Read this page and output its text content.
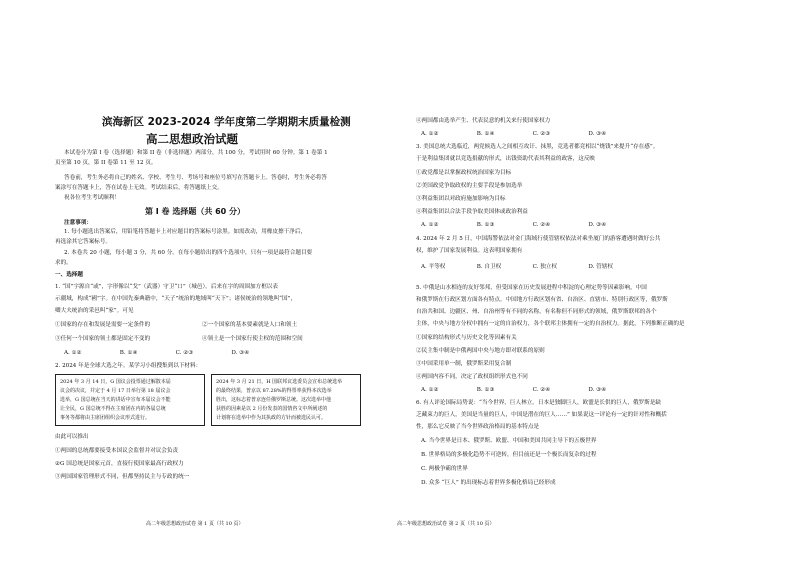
滨海新区 2023-2024 学年度第二学期期末质量检测
高二思想政治试题
本试卷分为第 I 卷（选择题）和第 II 卷（非选择题）两部分，共 100 分，考试用时 60 分钟。第 1 卷第 1
页至第 10 页，第 II 卷第 11 至 12 页。
答卷前，考生务必将自己的姓名、学校、考生号、考场号和座位号填写在答题卡上。答卷时，考生务必将答
案涂写在答题卡上，答在试卷上无效。考试结束后，将答题纸上交。
祝各位考生考试顺利！
第 I 卷 选择题（共 60 分）
注意事项：
1. 每小题选出答案后，用铅笔将答题卡上对应题目的答案标号涂黑。如需改动，用橡皮擦干净后，
再选涂其它答案标号。
2. 本卷共 20 小题，每小题 3 分，共 60 分。在每小题给出的四个选项中，只有一项是最符合题目要
求的。
一、选择题
1. “国”字源自“或”，字形像以“戈”（武器）守卫“口”（城邑）。后来在字的周围加方框以表
示疆域，构成“國”字。在中国先秦典籍中，“天子”统治的地域叫“天下”；诸侯统治的领地叫“国”，
卿大夫统治的采邑叫“家”。可见
①国家的存在和发展是需要一定条件的	②一个国家的基本要素就是人口和领土
③任何一个国家的领土都是固定不变的	④领土是一个国家行使主权的范围和空间
A. ①②	B. ①④	C. ②③	D. ③④
2. 2024 年是全球大选之年。某学习小组搜集到以下材料：
2024 年 3 月 14 日，G 国议会投票通过解散本届
议会的决议，并定于 4 月 17 日举行第 18 届议会
选举，G 国总统在当天的讲话中宣布本届议会不能
让全民，G 国总统不得在主席团在内的各届总统
事务等都将由主席团组织会议形式进行。
2024 年 3 月 21 日，H 国联邦议选委员会宣布总统选举
的最终结果，普京以 87.28%的得票率获得本次选举
胜出，这标志着普京连任俄罗斯总统。这次选举中他
获胜的因素是以 2 月份发表的国情咨文中所阐述的
计划将在选举中作为其执政的方针而被选民认可。
由此可以推出
①两国的总统都要接受本国议会监督并对议会负责
②G 国总统是国家元首，直接行使国家最高行政权力
③两国国家管理形式不同，但都坚持民主与专政的统一
高二年级思想政治试卷 第 1 页（共 10 页）
④两国都由选举产生、代表民意的机关来行使国家权力
A. ①②	B. ①④	C. ②③	D. ③④
3. 美国总统大选临近，两党候选人之间相互攻讦、抹黑，竞选者都竞相以“烧钱”来提升“存在感”。
于是利益集团就以竞选捐献的形式，出钱资助代表其利益的政客，这反映
①政党都是以掌握政权统治国家为目标
②美国政党争取政权的主要手段是参加选举
③利益集团以对政府施加影响为目标
④利益集团以合法手段争取美国体或政治利益
A. ①②	B. ①③	C. ②④	D. ③④
4. 2024 年 2 月 5 日，中国海警依法对金门海域行使管辖权依法对乘坐厦门的游客遭遇时做好公共
权，维护了国家发展利益。这表明国家拥有
A. 平等权	B. 自卫权	C. 独立权	D. 管辖权
5. 中俄是山水相连的友好邻邦，但受国家在历史发展进程中积淀的心理定势等因素影响，中国
和俄罗斯在行政区划方面各有特点。中国地方行政区划有省、自治区、直辖市、特别行政区等，俄罗斯
自治共和国、边疆区、州、自治州等有不同的名称，有名称但不同形式的领域，俄罗斯联邦的各个
主体，中央与地方分权中拥有一定的自治权力，各个联邦主体拥有一定的自治权力。据此，下列推断正确的是
①国家的结构形式与历史文化等因素有关
②民主集中制是中俄两国中央与地方即对联系的原则
③中国采用单一制，俄罗斯采用复合制
④两国内容不同，决定了政权组织形式也不同
A. ①②	B. ①③	C. ②④	D. ③④
6. 有人评论国际局势说：“当今世界，巨人林立。日本是独脚巨人，欧盟是长供的巨人，俄罗斯是缺
乏藏束力的巨人，美国是当量的巨人，中国是潜在的巨人……” 如果说这一评论有一定的针对性和概括
性，那么它反映了当今世界政治格局的基本特点是
A. 当今世界是日本、俄罗斯、欧盟、中国和美国共同主导下的五极世界
B. 世界格局的多极化趋势不可逆转，但目前还是一个极长而复杂的过程
C. 两极争霸的世界
D. 众多 “巨人” 的出现标志着世界多极化格局已经形成
高二年级思想政治试卷 第 2 页（共 10 页）
